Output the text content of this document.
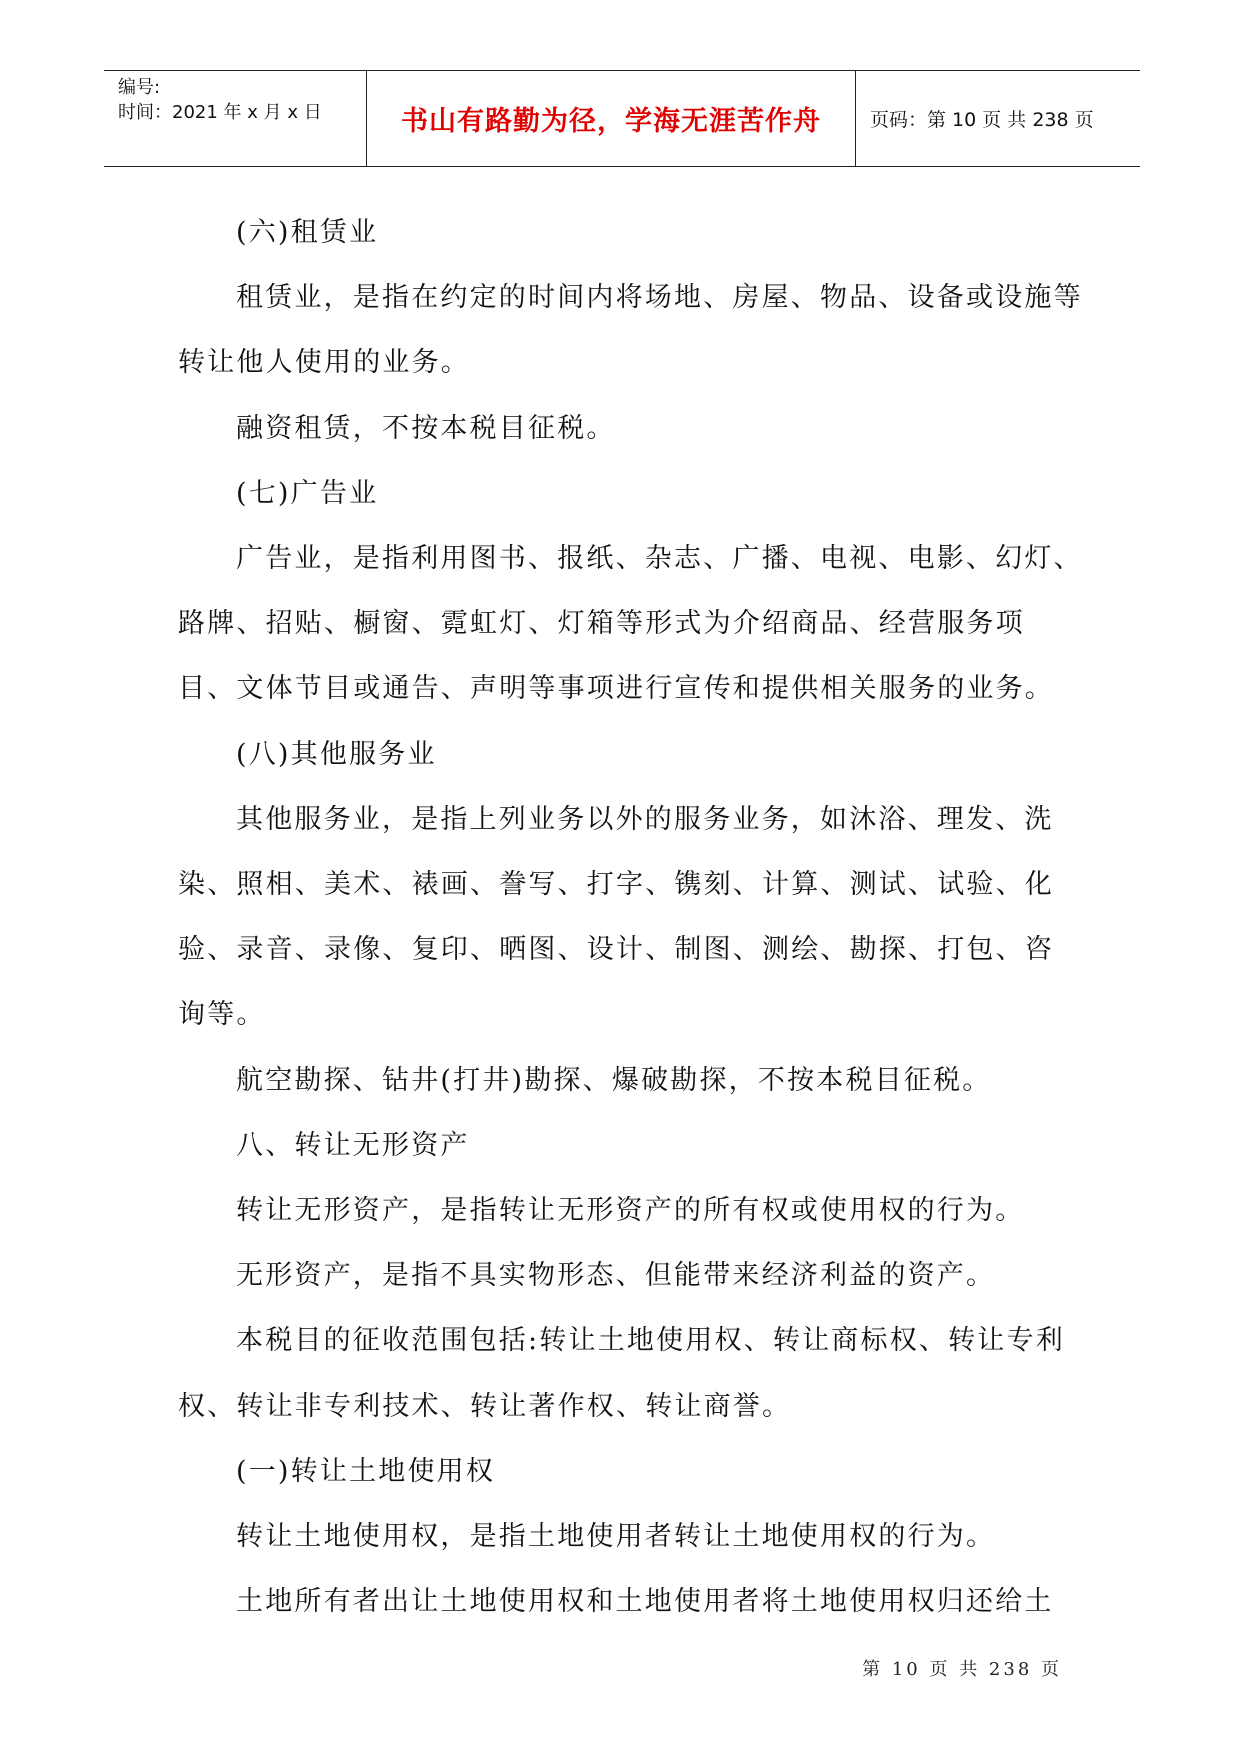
编号:
时间：2021 年 x 月 x 日	书山有路勤为径，学海无涯苦作舟	页码：第 10 页 共 238 页

(六)租赁业

租赁业，是指在约定的时间内将场地、房屋、物品、设备或设施等转让他人使用的业务。

融资租赁，不按本税目征税。

(七)广告业

广告业，是指利用图书、报纸、杂志、广播、电视、电影、幻灯、路牌、招贴、橱窗、霓虹灯、灯箱等形式为介绍商品、经营服务项目、文体节目或通告、声明等事项进行宣传和提供相关服务的业务。

(八)其他服务业

其他服务业，是指上列业务以外的服务业务，如沐浴、理发、洗染、照相、美术、裱画、誊写、打字、镌刻、计算、测试、试验、化验、录音、录像、复印、晒图、设计、制图、测绘、勘探、打包、咨询等。

航空勘探、钻井(打井)勘探、爆破勘探，不按本税目征税。

八、转让无形资产

转让无形资产，是指转让无形资产的所有权或使用权的行为。

无形资产，是指不具实物形态、但能带来经济利益的资产。

本税目的征收范围包括:转让土地使用权、转让商标权、转让专利权、转让非专利技术、转让著作权、转让商誉。

(一)转让土地使用权

转让土地使用权，是指土地使用者转让土地使用权的行为。

土地所有者出让土地使用权和土地使用者将土地使用权归还给土

第 10 页 共 238 页
